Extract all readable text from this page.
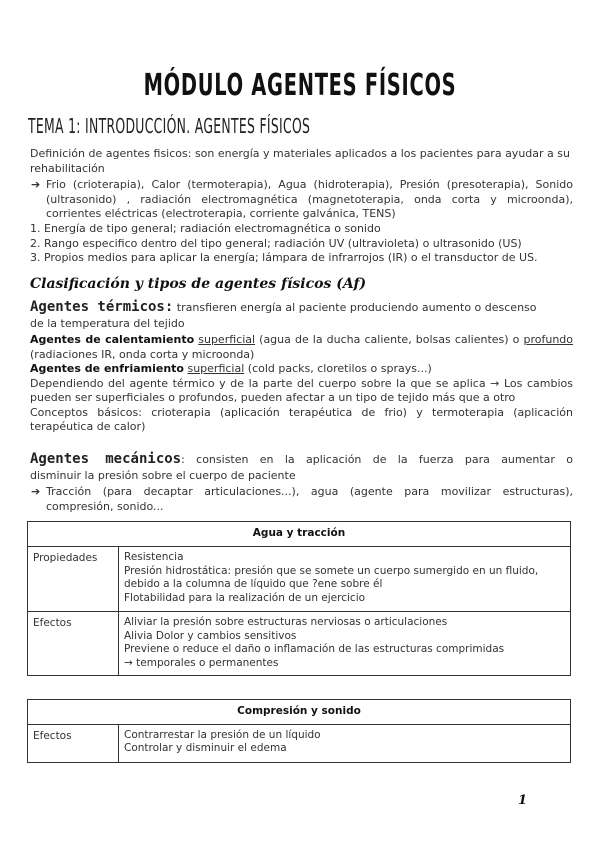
MÓDULO AGENTES FÍSICOS
TEMA 1: INTRODUCCIÓN. AGENTES FÍSICOS
Definición de agentes fisicos: son energía y materiales aplicados a los pacientes para ayudar a su
rehabilitación
➔ Frio (crioterapia), Calor (termoterapia), Agua (hidroterapia), Presión (presoterapia), Sonido
(ultrasonido) , radiación electromagnética (magnetoterapia, onda corta y microonda),
corrientes eléctricas (electroterapia, corriente galvánica, TENS)
1. Energía de tipo general; radiación electromagnética o sonido
2. Rango especifico dentro del tipo general; radiación UV (ultravioleta) o ultrasonido (US)
3. Propios medios para aplicar la energía; lámpara de infrarrojos (IR) o el transductor de US.
Clasificación y tipos de agentes físicos (Af)
Agentes térmicos: transfieren energía al paciente produciendo aumento o descenso
de la temperatura del tejido
Agentes de calentamiento superficial (agua de la ducha caliente, bolsas calientes) o profundo
(radiaciones IR, onda corta y microonda)
Agentes de enfriamiento superficial (cold packs, cloretilos o sprays...)
Dependiendo del agente térmico y de la parte del cuerpo sobre la que se aplica → Los cambios
pueden ser superficiales o profundos, pueden afectar a un tipo de tejido más que a otro
Conceptos básicos: crioterapia (aplicación terapéutica de frio) y termoterapia (aplicación
terapéutica de calor)
Agentes mecánicos: consisten en la aplicación de la fuerza para aumentar o
disminuir la presión sobre el cuerpo de paciente
➔ Tracción (para decaptar articulaciones...), agua (agente para movilizar estructuras),
compresión, sonido...
Agua y tracción	
Propiedades	Resistencia
Presión hidrostática: presión que se somete un cuerpo sumergido en un fluido,
debido a la columna de líquido que ?ene sobre él
Flotabilidad para la realización de un ejercicio

Efectos	Aliviar la presión sobre estructuras nerviosas o articulaciones
Alivia Dolor y cambios sensitivos
Previene o reduce el daño o inflamación de las estructuras comprimidas
→ temporales o permanentes
Compresión y sonido
Efectos	Contrarrestar la presión de un líquido
Controlar y disminuir el edema
1
